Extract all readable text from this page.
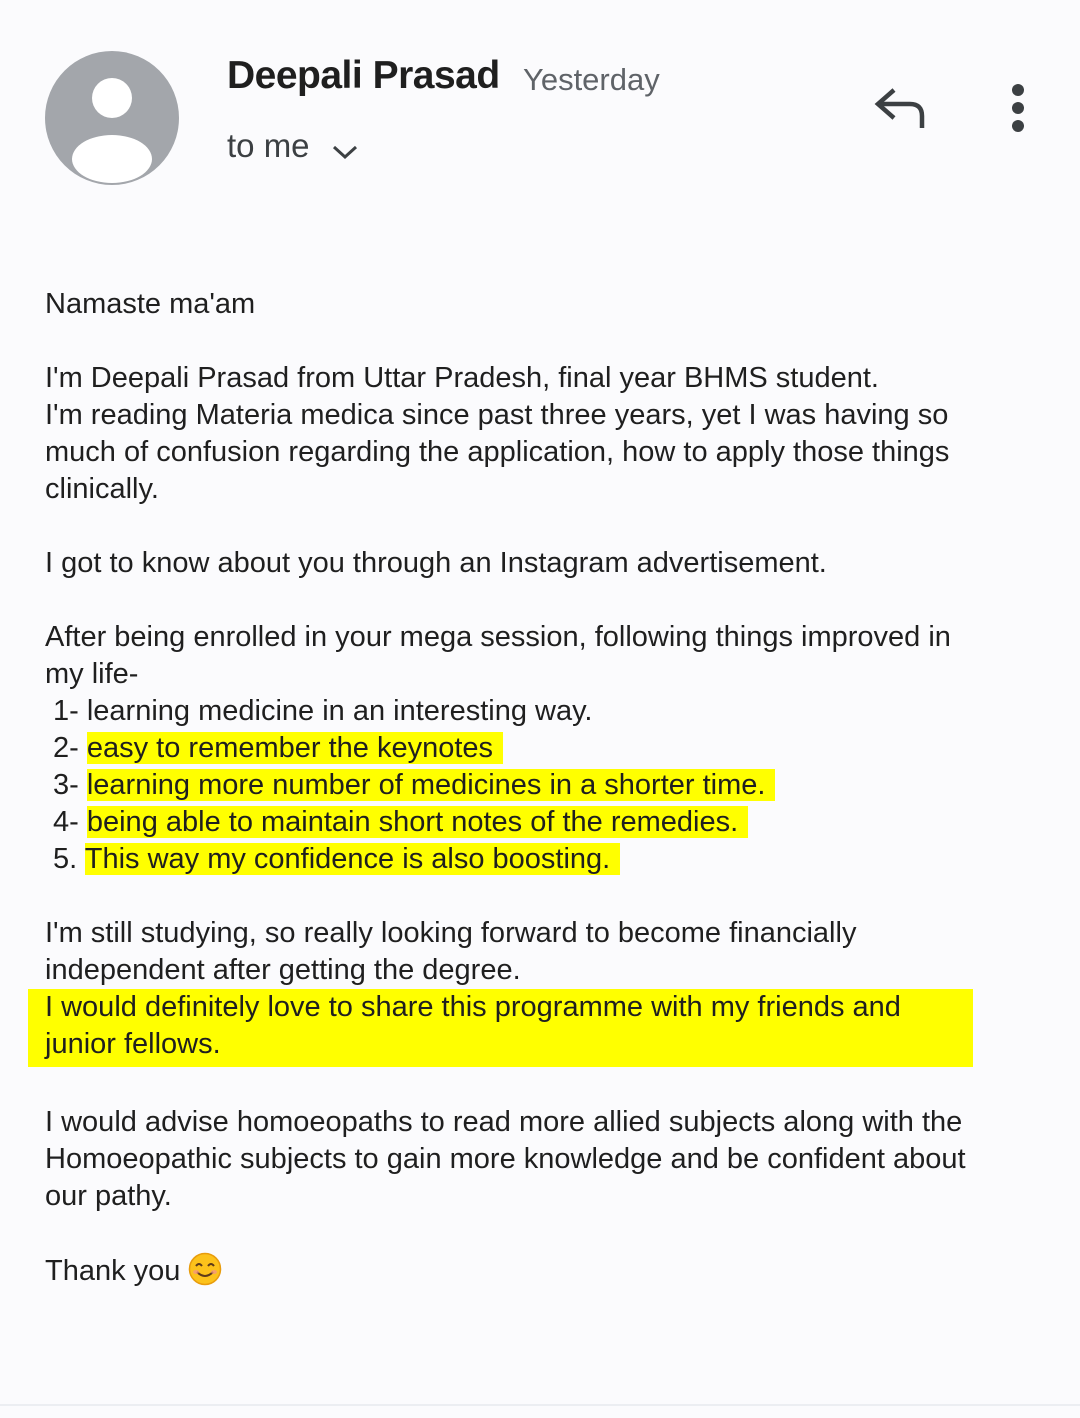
Deepali Prasad Yesterday
to me

Namaste ma'am

I'm Deepali Prasad from Uttar Pradesh, final year BHMS student.
I'm reading Materia medica since past three years, yet I was having so
much of confusion regarding the application, how to apply those things
clinically.

I got to know about you through an Instagram advertisement.

After being enrolled in your mega session, following things improved in
my life-
1- learning medicine in an interesting way.
2- easy to remember the keynotes
3- learning more number of medicines in a shorter time.
4- being able to maintain short notes of the remedies.
5. This way my confidence is also boosting.

I'm still studying, so really looking forward to become financially
independent after getting the degree.
I would definitely love to share this programme with my friends and
junior fellows.

I would advise homoeopaths to read more allied subjects along with the
Homoeopathic subjects to gain more knowledge and be confident about
our pathy.

Thank you
